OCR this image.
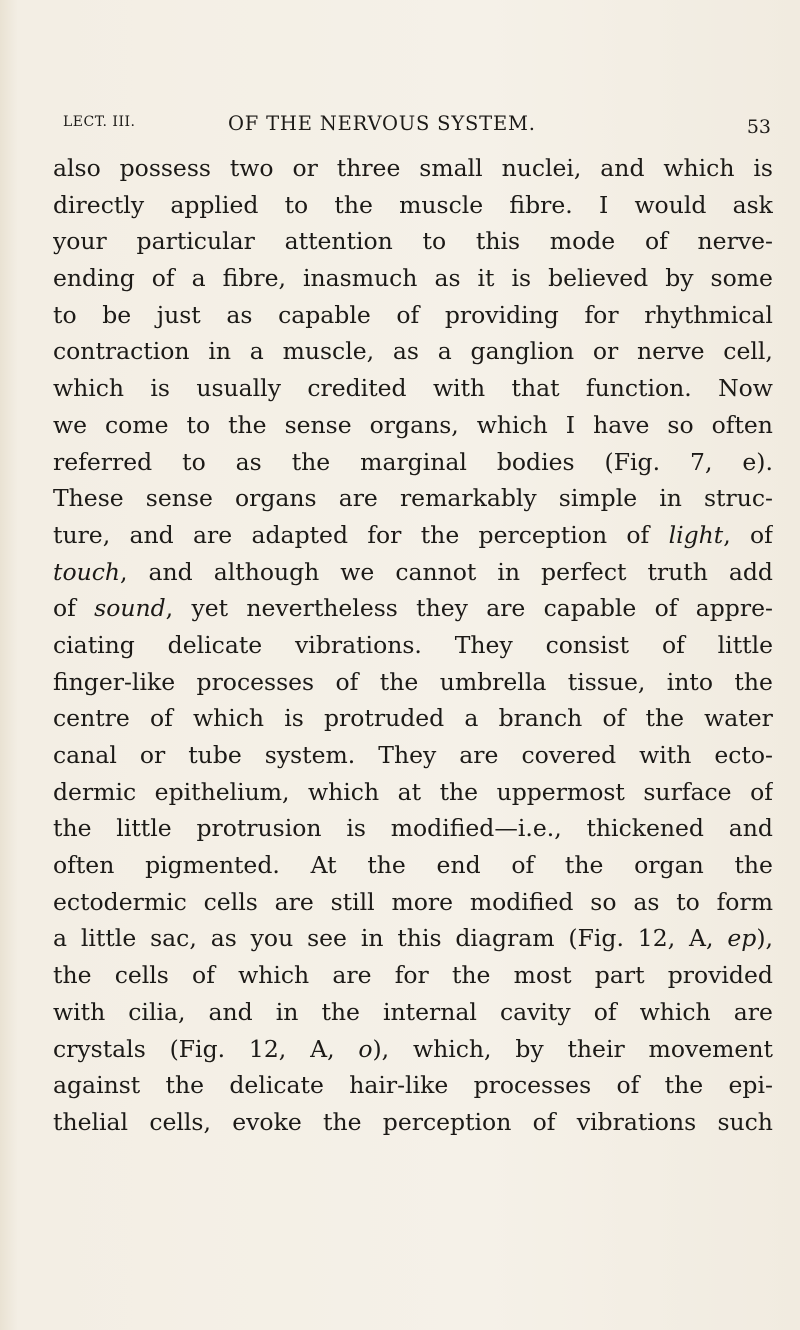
LECT. III.	OF THE NERVOUS SYSTEM.	53
also possess two or three small nuclei, and which is
directly applied to the muscle fibre. I would ask
your particular attention to this mode of nerve-
ending of a fibre, inasmuch as it is believed by some
to be just as capable of providing for rhythmical
contraction in a muscle, as a ganglion or nerve cell,
which is usually credited with that function. Now
we come to the sense organs, which I have so often
referred to as the marginal bodies (Fig. 7, e).
These sense organs are remarkably simple in struc-
ture, and are adapted for the perception of light, of
touch, and although we cannot in perfect truth add
of sound, yet nevertheless they are capable of appre-
ciating delicate vibrations. They consist of little
finger-like processes of the umbrella tissue, into the
centre of which is protruded a branch of the water
canal or tube system. They are covered with ecto-
dermic epithelium, which at the uppermost surface of
the little protrusion is modified—i.e., thickened and
often pigmented. At the end of the organ the
ectodermic cells are still more modified so as to form
a little sac, as you see in this diagram (Fig. 12, A, ep),
the cells of which are for the most part provided
with cilia, and in the internal cavity of which are
crystals (Fig. 12, A, o), which, by their movement
against the delicate hair-like processes of the epi-
thelial cells, evoke the perception of vibrations such
